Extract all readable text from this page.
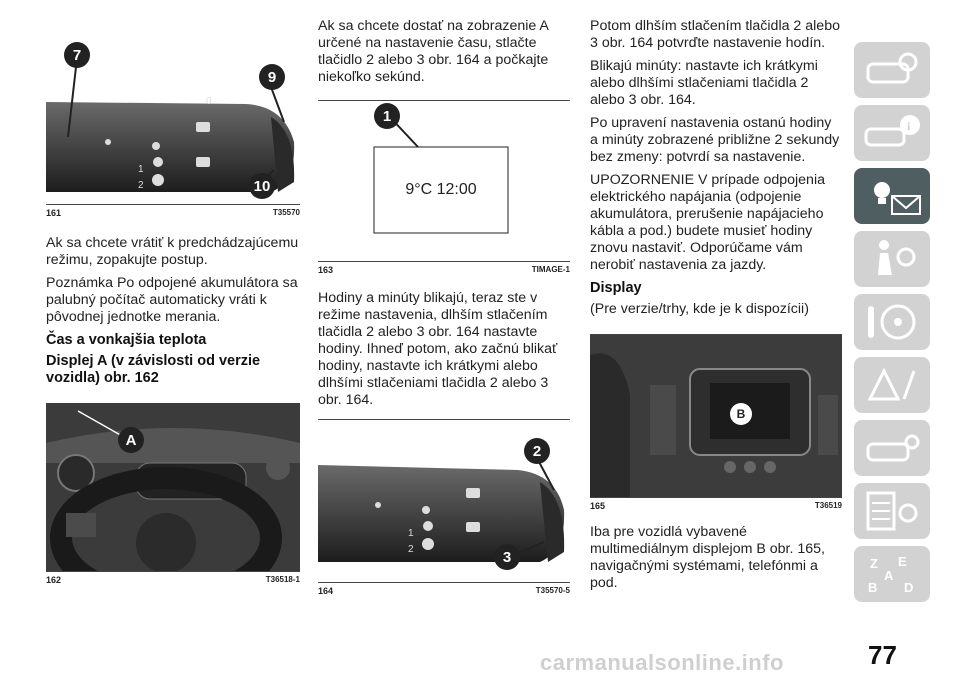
1
2
0
7
9
10
161	T35570

Ak sa chcete vrátiť k predchádzajúcemu režimu, zopakujte postup.

Poznámka Po odpojené akumulátora sa palubný počítač automaticky vráti k pôvodnej jednotke merania.

Čas a vonkajšia teplota
Displej A (v závislosti od verzie vozidla) obr. 162
A
162	T36518-1

Ak sa chcete dostať na zobrazenie A určené na nastavenie času, stlačte tlačidlo 2 alebo 3 obr. 164 a počkajte niekoľko sekúnd.

9°C 12:00
1
163	TIMAGE-1

Hodiny a minúty blikajú, teraz ste v režime nastavenia, dlhším stlačením tlačidla 2 alebo 3 obr. 164 nastavte hodiny. Ihneď potom, ako začnú blikať hodiny, nastavte ich krátkymi alebo dlhšími stlačeniami tlačidla 2 alebo 3 obr. 164.

1
2
2
3
164	T35570-5

Potom dlhším stlačením tlačidla 2 alebo 3 obr. 164 potvrďte nastavenie hodín.

Blikajú minúty: nastavte ich krátkymi alebo dlhšími stlačeniami tlačidla 2 alebo 3 obr. 164.

Po upravení nastavenia ostanú hodiny a minúty zobrazené približne 2 sekundy bez zmeny: potvrdí sa nastavenie.

UPOZORNENIE V prípade odpojenia elektrického napájania (odpojenie akumulátora, prerušenie napájacieho kábla a pod.) budete musieť hodiny znovu nastaviť. Odporúčame vám nerobiť nastavenia za jazdy.

Display

(Pre verzie/trhy, kde je k dispozícii)

B
165	T36519

Iba pre vozidlá vybavené multimediálnym displejom B obr. 165, navigačnými systémami, telefónmi a pod.

i
Z E
A
B D
77
carmanualsonline.info
